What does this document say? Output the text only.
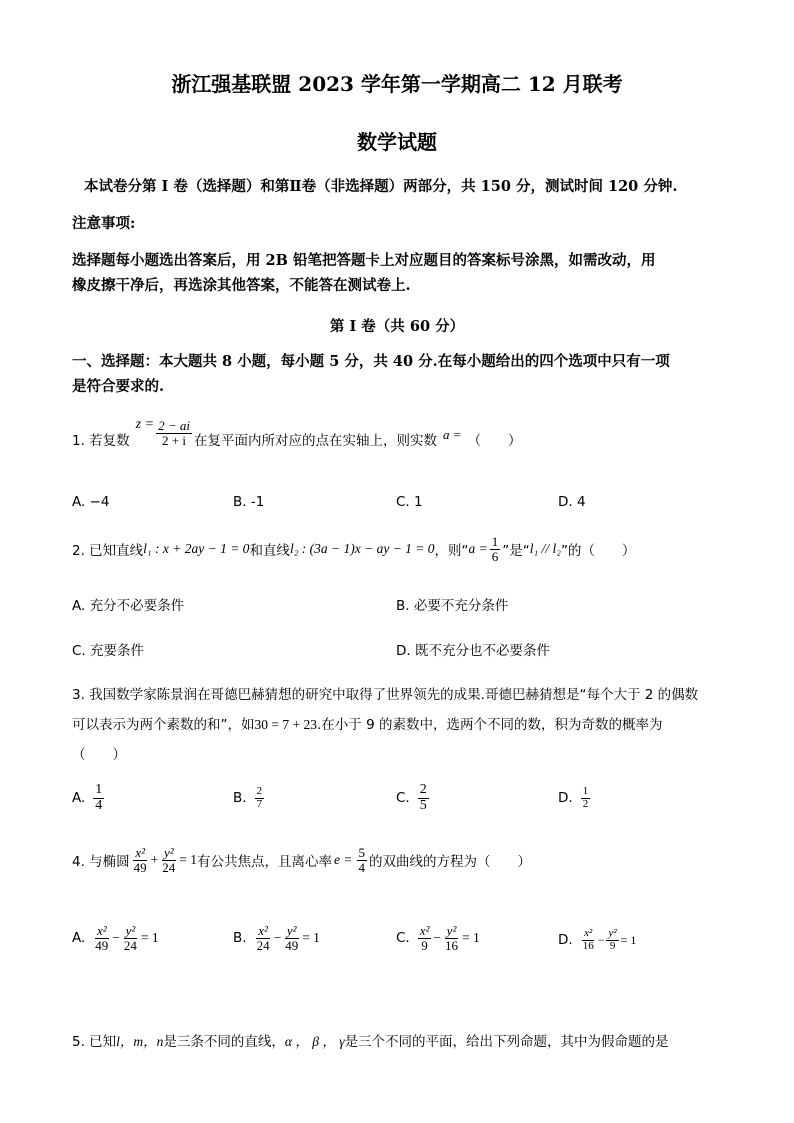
浙江强基联盟 2023 学年第一学期高二 12 月联考
数学试题
本试卷分第 I 卷（选择题）和第Ⅱ卷（非选择题）两部分，共 150 分，测试时间 120 分钟.
注意事项:
选择题每小题选出答案后，用 2B 铅笔把答题卡上对应题目的答案标号涂黑，如需改动，用
橡皮擦干净后，再选涂其他答案，不能答在测试卷上.
第 I 卷（共 60 分）
一、选择题：本大题共 8 小题，每小题 5 分，共 40 分.在每小题给出的四个选项中只有一项
是符合要求的.
1. 若复数
$z = \frac{2 - ai}{2 + i}$ 在复平面内所对应的点在实轴上，则实数 a = （　　）
A. −4	B. -1	C. 1	D. 4
2. 已知直线 l₁ : x + 2ay − 1 = 0 和直线 l₂ : (3a − 1)x − ay − 1 = 0 ，则“ $a = \frac{1}{6}$ ”是“ l₁ // l₂ ”的（　　）
A. 充分不必要条件	B. 必要不充分条件
C. 充要条件	D. 既不充分也不必要条件
3. 我国数学家陈景润在哥德巴赫猜想的研究中取得了世界领先的成果.哥德巴赫猜想是“每个大于 2 的偶数
可以表示为两个素数的和”，如30 = 7 + 23.在小于 9 的素数中，选两个不同的数，积为奇数的概率为
（　　）
A. $\frac{1}{4}$	B. $\frac{2}{7}$	C. $\frac{2}{5}$	D. $\frac{1}{2}$
4. 与椭圆 $\frac{\text{x²}}{49} + \frac{\text{y²}}{24} = 1$ 有公共焦点，且离心率 $e = \frac{5}{4}$ 的双曲线的方程为（　　）
A. $\frac{\text{x²}}{49} - \frac{\text{y²}}{24} = 1$	B. $\frac{\text{x²}}{24} - \frac{\text{y²}}{49} = 1$	C. $\frac{\text{x²}}{9} - \frac{\text{y²}}{16} = 1$	D. $\frac{\text{x²}}{16} - \frac{\text{y²}}{9} = 1$
5. 已知l，m，n是三条不同的直线，α ， β ， γ是三个不同的平面，给出下列命题，其中为假命题的是
